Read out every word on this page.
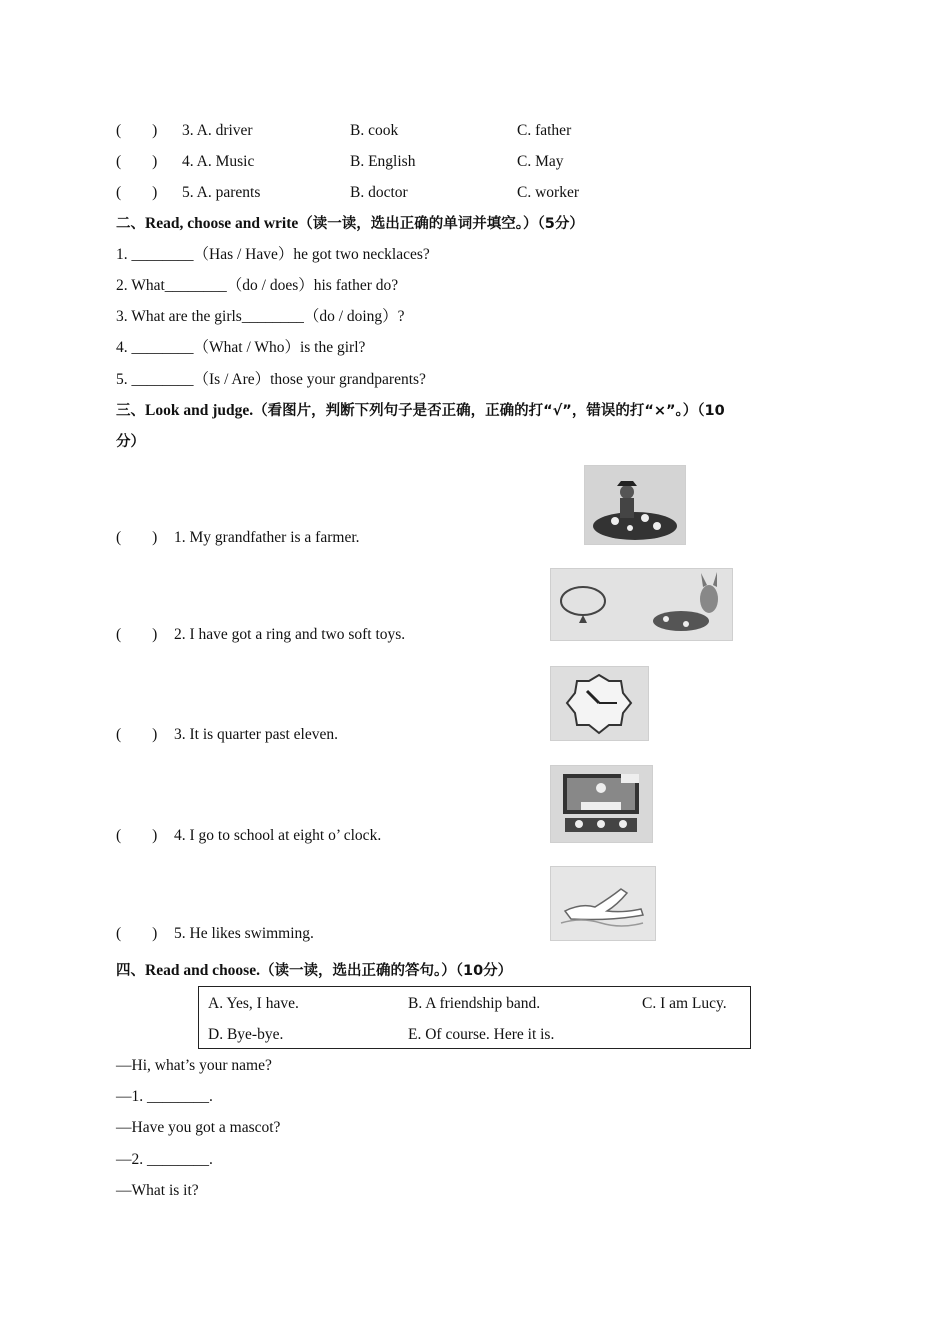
(　　) 3. A. driver	B. cook	C. father
(　　) 4. A. Music	B. English	C. May
(　　) 5. A. parents	B. doctor	C. worker
二、Read, choose and write（读一读，选出正确的单词并填空。）（5分）
1. ________（Has / Have）he got two necklaces?
2. What________（do / does）his father do?
3. What are the girls________（do / doing）?
4. ________（What / Who）is the girl?
5. ________（Is / Are）those your grandparents?
三、Look and judge.（看图片，判断下列句子是否正确，正确的打“√”，错误的打“×”。）（10
分）
(　　) 1. My grandfather is a farmer.
(　　) 2. I have got a ring and two soft toys.
(　　) 3. It is quarter past eleven.
(　　) 4. I go to school at eight o’ clock.
(　　) 5. He likes swimming.
四、Read and choose.（读一读，选出正确的答句。）（10分）
A. Yes, I have.	B. A friendship band.	C. I am Lucy.
D. Bye-bye.	E. Of course. Here it is.
—Hi, what’s your name?
—1. ________.
—Have you got a mascot?
—2. ________.
—What is it?
